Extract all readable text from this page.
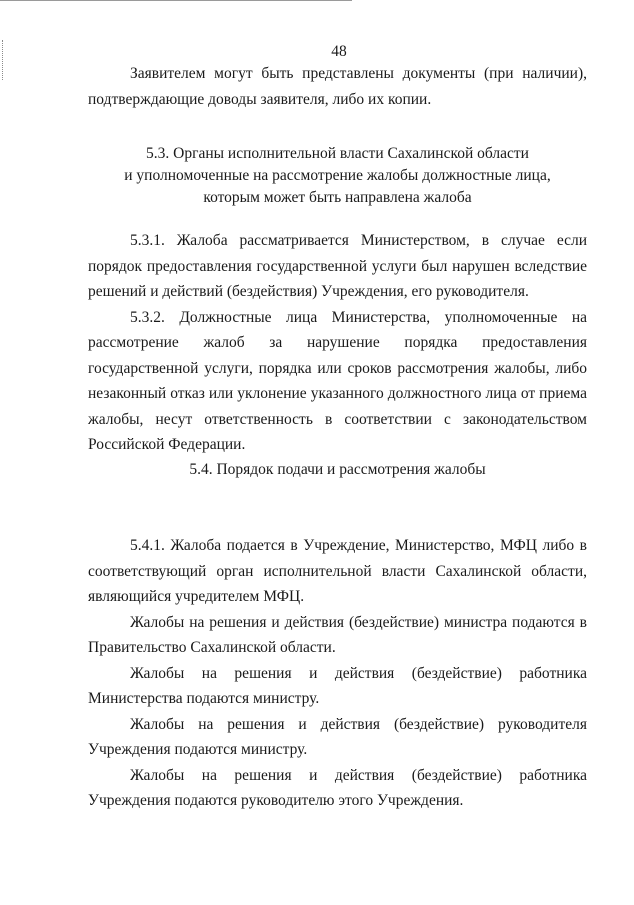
48

Заявителем могут быть представлены документы (при наличии), подтверждающие доводы заявителя, либо их копии.

5.3. Органы исполнительной власти Сахалинской области
и уполномоченные на рассмотрение жалобы должностные лица,
которым может быть направлена жалоба

5.3.1. Жалоба рассматривается Министерством, в случае если порядок предоставления государственной услуги был нарушен вследствие решений и действий (бездействия) Учреждения, его руководителя.

5.3.2. Должностные лица Министерства, уполномоченные на рассмотрение жалоб за нарушение порядка предоставления государственной услуги, порядка или сроков рассмотрения жалобы, либо незаконный отказ или уклонение указанного должностного лица от приема жалобы, несут ответственность в соответствии с законодательством Российской Федерации.

5.4. Порядок подачи и рассмотрения жалобы

5.4.1. Жалоба подается в Учреждение, Министерство, МФЦ либо в соответствующий орган исполнительной власти Сахалинской области, являющийся учредителем МФЦ.

Жалобы на решения и действия (бездействие) министра подаются в Правительство Сахалинской области.

Жалобы на решения и действия (бездействие) работника Министерства подаются министру.

Жалобы на решения и действия (бездействие) руководителя Учреждения подаются министру.

Жалобы на решения и действия (бездействие) работника Учреждения подаются руководителю этого Учреждения.
